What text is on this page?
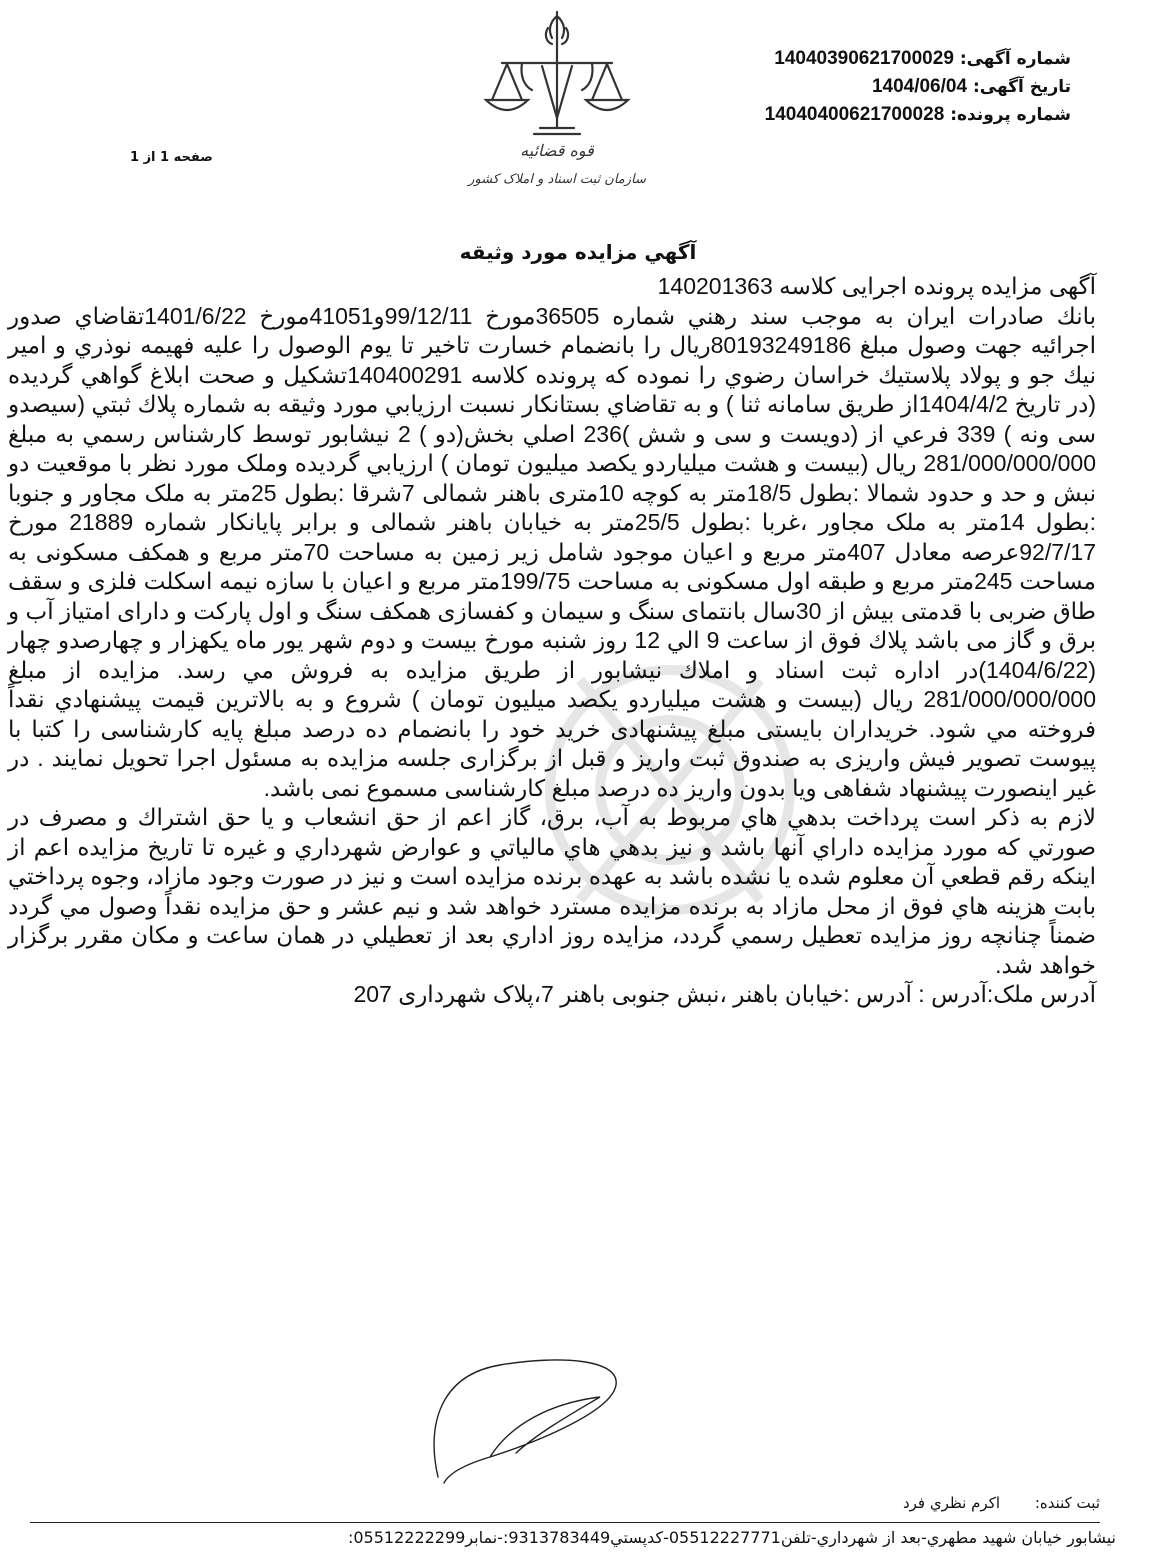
شماره آگهی: 14040390621700029
تاریخ آگهی: 1404/06/04
شماره پرونده: 14040400621700028
صفحه 1 از 1	قوه قضائیه
سازمان ثبت اسناد و املاک کشور
آگهي مزايده مورد وثيقه

آگهی مزایده پرونده اجرایی کلاسه 140201363

بانك صادرات ايران به موجب سند رهني شماره 36505مورخ 99/12/11و41051مورخ 1401/6/22تقاضاي صدور اجرائيه جهت وصول مبلغ 80193249186ريال را بانضمام خسارت تاخير تا يوم الوصول را عليه فهيمه نوذري و امير نيك جو و پولاد پلاستيك خراسان رضوي را نموده كه پرونده كلاسه 140400291تشكيل و صحت ابلاغ گواهي گرديده (در تاريخ 1404/4/2از طريق سامانه ثنا ) و به تقاضاي بستانكار نسبت ارزيابي مورد وثيقه به شماره پلاك ثبتي (سيصدو سی ونه ) 339 فرعي از (دويست و سی و شش )236 اصلي بخش(دو ) 2 نيشابور توسط كارشناس رسمي به مبلغ 281/000/000/000 ريال (بيست و هشت ميلياردو يكصد ميليون تومان ) ارزيابي گرديده وملک مورد نظر با موقعیت دو نبش و حد و حدود شمالا :بطول 18/5متر به کوچه 10متری باهنر شمالی 7شرقا :بطول 25متر به ملک مجاور و جنوبا :بطول 14متر به ملک مجاور ،غربا :بطول 25/5متر به خیابان باهنر شمالی و برابر پایانکار شماره 21889 مورخ 92/7/17عرصه معادل 407متر مربع و اعیان موجود شامل زیر زمین به مساحت 70متر مربع و همکف مسکونی به مساحت 245متر مربع و طبقه اول مسکونی به مساحت 199/75متر مربع و اعیان با سازه نیمه اسکلت فلزی و سقف طاق ضربی با قدمتی بیش از 30سال بانتمای سنگ و سیمان و کفسازی همکف سنگ و اول پارکت و دارای امتیاز آب و برق و گاز می باشد پلاك فوق از ساعت 9 الي 12 روز شنبه مورخ بیست و دوم شهر یور ماه یکهزار و چهارصدو چهار (1404/6/22)در اداره ثبت اسناد و املاك نيشابور از طريق مزايده به فروش مي رسد. مزايده از مبلغ 281/000/000/000 ريال (بيست و هشت ميلياردو يكصد ميليون تومان ) شروع و به بالاترين قيمت پيشنهادي نقداً فروخته مي شود. خريداران بایستی مبلغ پیشنهادی خرید خود را بانضمام ده درصد مبلغ پایه کارشناسی را کتبا با پیوست تصویر فیش واریزی به صندوق ثبت واریز و قبل از برگزاری جلسه مزایده به مسئول اجرا تحویل نمایند . در غیر اینصورت پیشنهاد شفاهی ویا بدون واریز ده درصد مبلغ کارشناسی مسموع نمی باشد.

لازم به ذكر است پرداخت بدهي هاي مربوط به آب، برق، گاز اعم از حق انشعاب و يا حق اشتراك و مصرف در صورتي كه مورد مزايده داراي آنها باشد و نيز بدهي هاي مالياتي و عوارض شهرداري و غيره تا تاريخ مزايده اعم از اينكه رقم قطعي آن معلوم شده يا نشده باشد به عهده برنده مزايده است و نيز در صورت وجود مازاد، وجوه پرداختي بابت هزينه هاي فوق از محل مازاد به برنده مزايده مسترد خواهد شد و نيم عشر و حق مزايده نقداً وصول مي گردد ضمناً چنانچه روز مزايده تعطيل رسمي گردد، مزايده روز اداري بعد از تعطيلي در همان ساعت و مكان مقرر برگزار خواهد شد.

آدرس ملک:آدرس : آدرس :خیابان باهنر ،نبش جنوبی باهنر 7،پلاک شهرداری 207

ثبت كننده:
اكرم نظري فرد
نيشابور خيابان شهيد مطهري-بعد از شهرداري-تلفن05512227771-كدپستي9313783449:-نمابر05512222299:
